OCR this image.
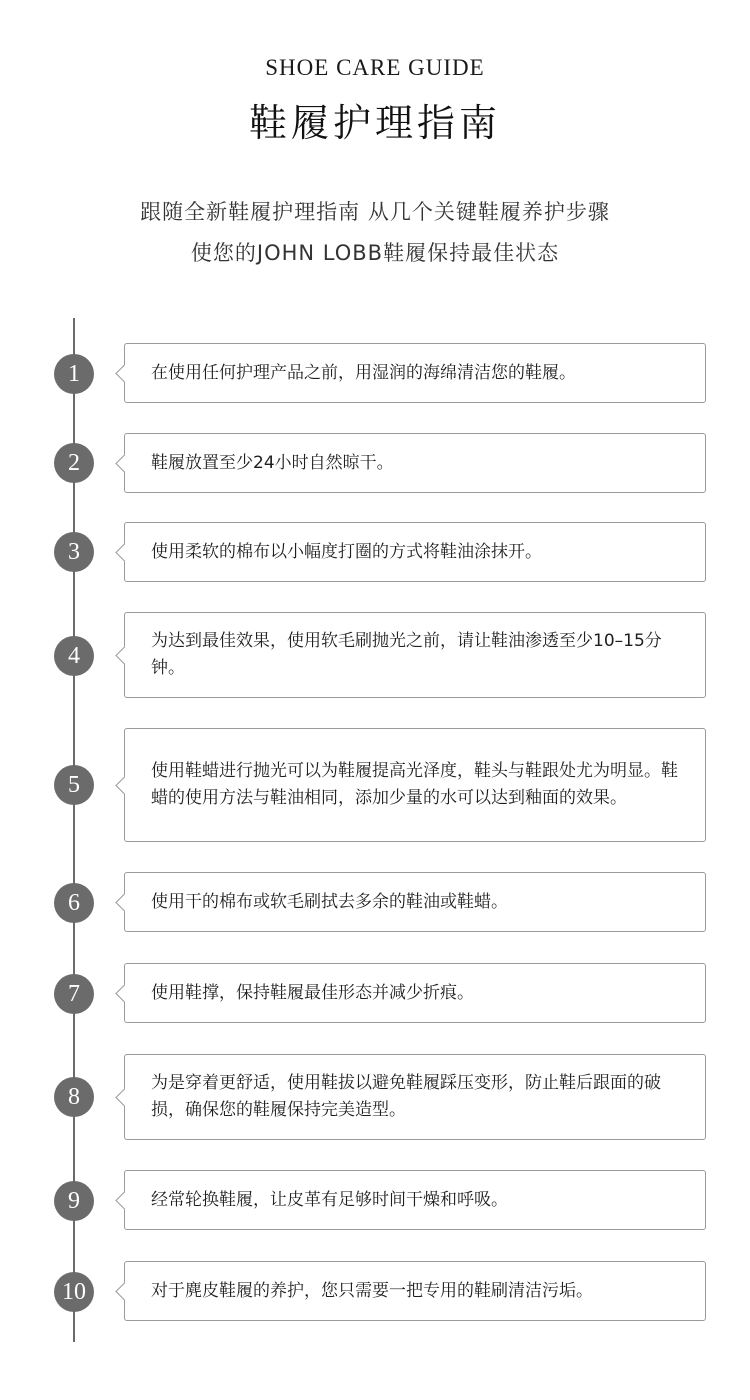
SHOE CARE GUIDE
鞋履护理指南
跟随全新鞋履护理指南 从几个关键鞋履养护步骤
使您的JOHN LOBB鞋履保持最佳状态
1	在使用任何护理产品之前，用湿润的海绵清洁您的鞋履。
2	鞋履放置至少24小时自然晾干。
3	使用柔软的棉布以小幅度打圈的方式将鞋油涂抹开。
4
为达到最佳效果，使用软毛刷抛光之前，请让鞋油渗透至少10–15分钟。
5
使用鞋蜡进行抛光可以为鞋履提高光泽度，鞋头与鞋跟处尤为明显。鞋蜡的使用方法与鞋油相同，添加少量的水可以达到釉面的效果。
6	使用干的棉布或软毛刷拭去多余的鞋油或鞋蜡。
7	使用鞋撑，保持鞋履最佳形态并减少折痕。
8
为是穿着更舒适，使用鞋拔以避免鞋履踩压变形，防止鞋后跟面的破损，确保您的鞋履保持完美造型。
9	经常轮换鞋履，让皮革有足够时间干燥和呼吸。
10	对于麂皮鞋履的养护，您只需要一把专用的鞋刷清洁污垢。
